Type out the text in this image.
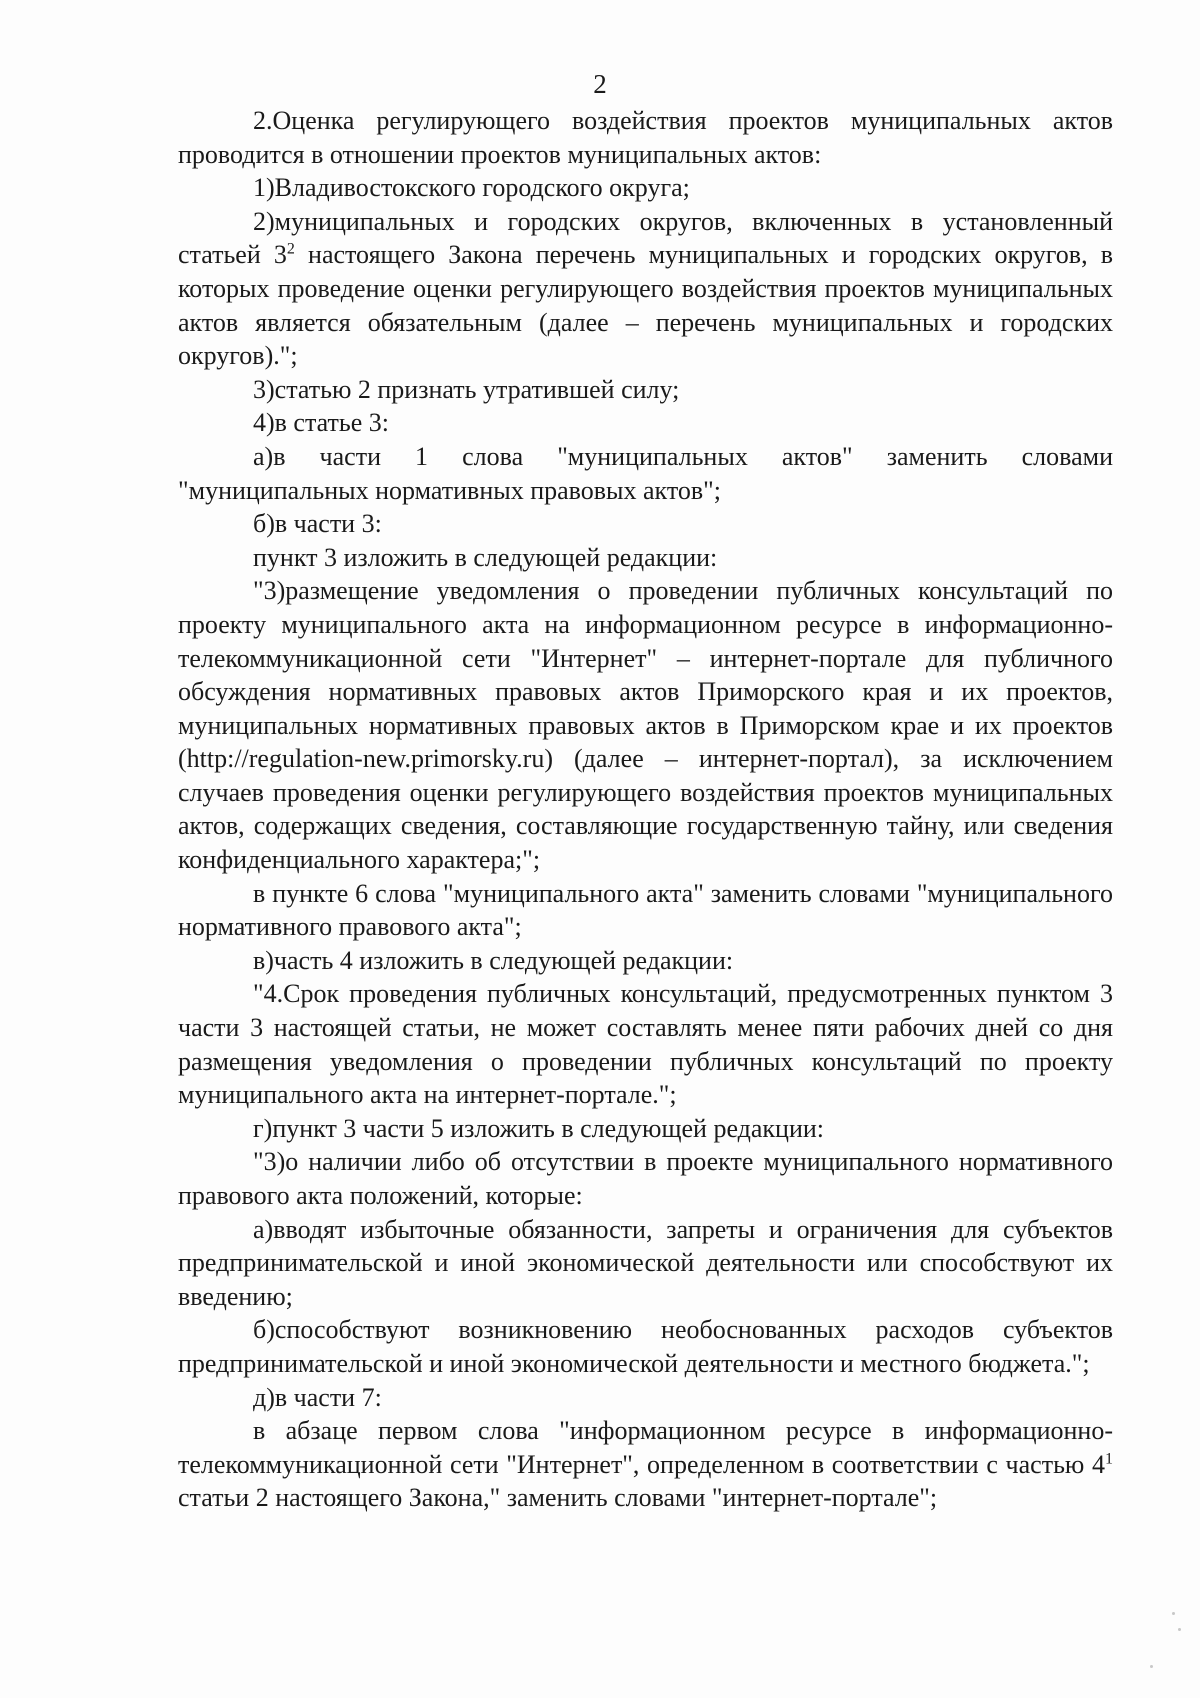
2

2.Оценка регулирующего воздействия проектов муниципальных актов проводится в отношении проектов муниципальных актов:

1)Владивостокского городского округа;

2)муниципальных и городских округов, включенных в установленный статьей $3^2$ настоящего Закона перечень муниципальных и городских округов, в которых проведение оценки регулирующего воздействия проектов муниципальных актов является обязательным (далее – перечень муниципальных и городских округов).";

3)статью 2 признать утратившей силу;

4)в статье 3:

а)в части 1 слова "муниципальных актов" заменить словами "муниципальных нормативных правовых актов";

б)в части 3:

пункт 3 изложить в следующей редакции:

"3)размещение уведомления о проведении публичных консультаций по проекту муниципального акта на информационном ресурсе в информационно-телекоммуникационной сети "Интернет" – интернет-портале для публичного обсуждения нормативных правовых актов Приморского края и их проектов, муниципальных нормативных правовых актов в Приморском крае и их проектов (http://regulation-new.primorsky.ru) (далее – интернет-портал), за исключением случаев проведения оценки регулирующего воздействия проектов муниципальных актов, содержащих сведения, составляющие государственную тайну, или сведения конфиденциального характера;";

в пункте 6 слова "муниципального акта" заменить словами "муниципального нормативного правового акта";

в)часть 4 изложить в следующей редакции:

"4.Срок проведения публичных консультаций, предусмотренных пунктом 3 части 3 настоящей статьи, не может составлять менее пяти рабочих дней со дня размещения уведомления о проведении публичных консультаций по проекту муниципального акта на интернет-портале.";

г)пункт 3 части 5 изложить в следующей редакции:

"3)о наличии либо об отсутствии в проекте муниципального нормативного правового акта положений, которые:

а)вводят избыточные обязанности, запреты и ограничения для субъектов предпринимательской и иной экономической деятельности или способствуют их введению;

б)способствуют возникновению необоснованных расходов субъектов предпринимательской и иной экономической деятельности и местного бюджета.";

д)в части 7:

в абзаце первом слова "информационном ресурсе в информационно-телекоммуникационной сети "Интернет", определенном в соответствии с частью $4^1$ статьи 2 настоящего Закона," заменить словами "интернет-портале";
